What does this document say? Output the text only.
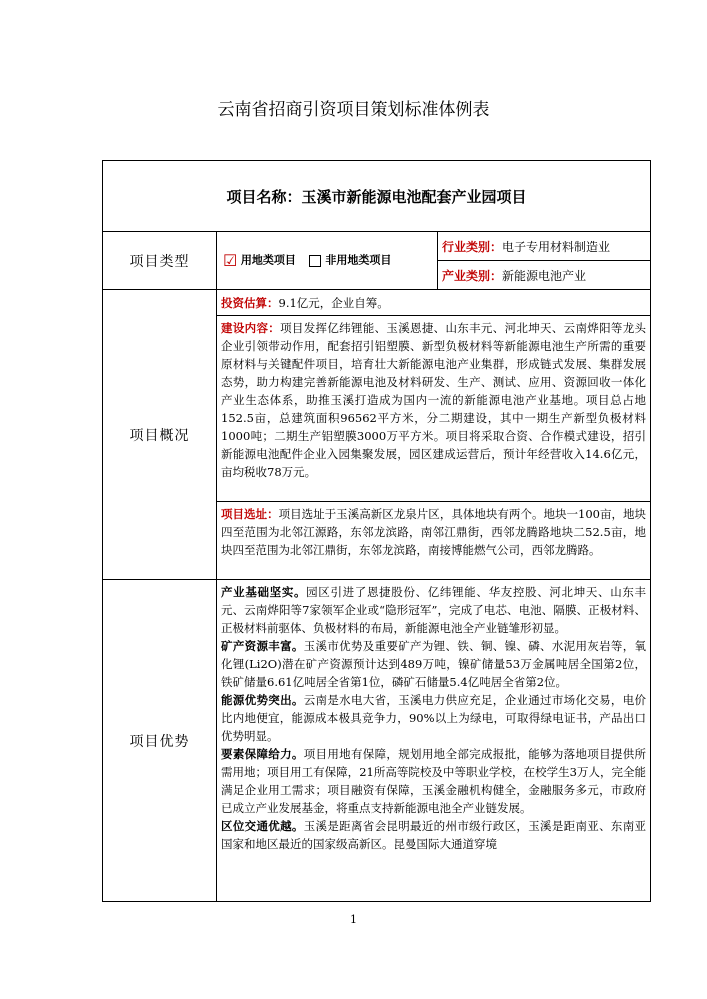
云南省招商引资项目策划标准体例表
项目名称：玉溪市新能源电池配套产业园项目		
项目类型	☑ 用地类项目 非用地类项目	行业类别：电子专用材料制造业
		产业类别：新能源电池产业
项目概况	投资估算：9.1亿元，企业自筹。	
	建设内容：项目发挥亿纬锂能、玉溪恩捷、山东丰元、河北坤天、云南烨阳等龙头企业引领带动作用，配套招引铝塑膜、新型负极材料等新能源电池生产所需的重要原材料与关键配件项目，培育壮大新能源电池产业集群，形成链式发展、集群发展态势，助力构建完善新能源电池及材料研发、生产、测试、应用、资源回收一体化产业生态体系，助推玉溪打造成为国内一流的新能源电池产业基地。项目总占地152.5亩，总建筑面积96562平方米，分二期建设，其中一期生产新型负极材料1000吨；二期生产铝塑膜3000万平方米。项目将采取合资、合作模式建设，招引新能源电池配件企业入园集聚发展，园区建成运营后，预计年经营收入14.6亿元，亩均税收78万元。	
	项目选址：项目选址于玉溪高新区龙泉片区，具体地块有两个。地块一100亩，地块四至范围为北邻江源路，东邻龙滨路，南邻江鼎街，西邻龙腾路地块二52.5亩，地块四至范围为北邻江鼎街，东邻龙滨路，南接博能燃气公司，西邻龙腾路。	
项目优势	产业基础坚实。园区引进了恩捷股份、亿纬锂能、华友控股、河北坤天、山东丰元、云南烨阳等7家领军企业或“隐形冠军”，完成了电芯、电池、隔膜、正极材料、正极材料前驱体、负极材料的布局，新能源电池全产业链雏形初显。
矿产资源丰富。玉溪市优势及重要矿产为锂、铁、铜、镍、磷、水泥用灰岩等，氧化锂(Li2O)潜在矿产资源预计达到489万吨，镍矿储量53万金属吨居全国第2位，铁矿储量6.61亿吨居全省第1位，磷矿石储量5.4亿吨居全省第2位。
能源优势突出。云南是水电大省，玉溪电力供应充足，企业通过市场化交易，电价比内地便宜，能源成本极具竞争力，90%以上为绿电，可取得绿电证书，产品出口优势明显。
要素保障给力。项目用地有保障，规划用地全部完成报批，能够为落地项目提供所需用地；项目用工有保障，21所高等院校及中等职业学校，在校学生3万人，完全能满足企业用工需求；项目融资有保障，玉溪金融机构健全，金融服务多元，市政府已成立产业发展基金，将重点支持新能源电池全产业链发展。
区位交通优越。玉溪是距离省会昆明最近的州市级行政区，玉溪是距南亚、东南亚国家和地区最近的国家级高新区。昆曼国际大通道穿境	
1
